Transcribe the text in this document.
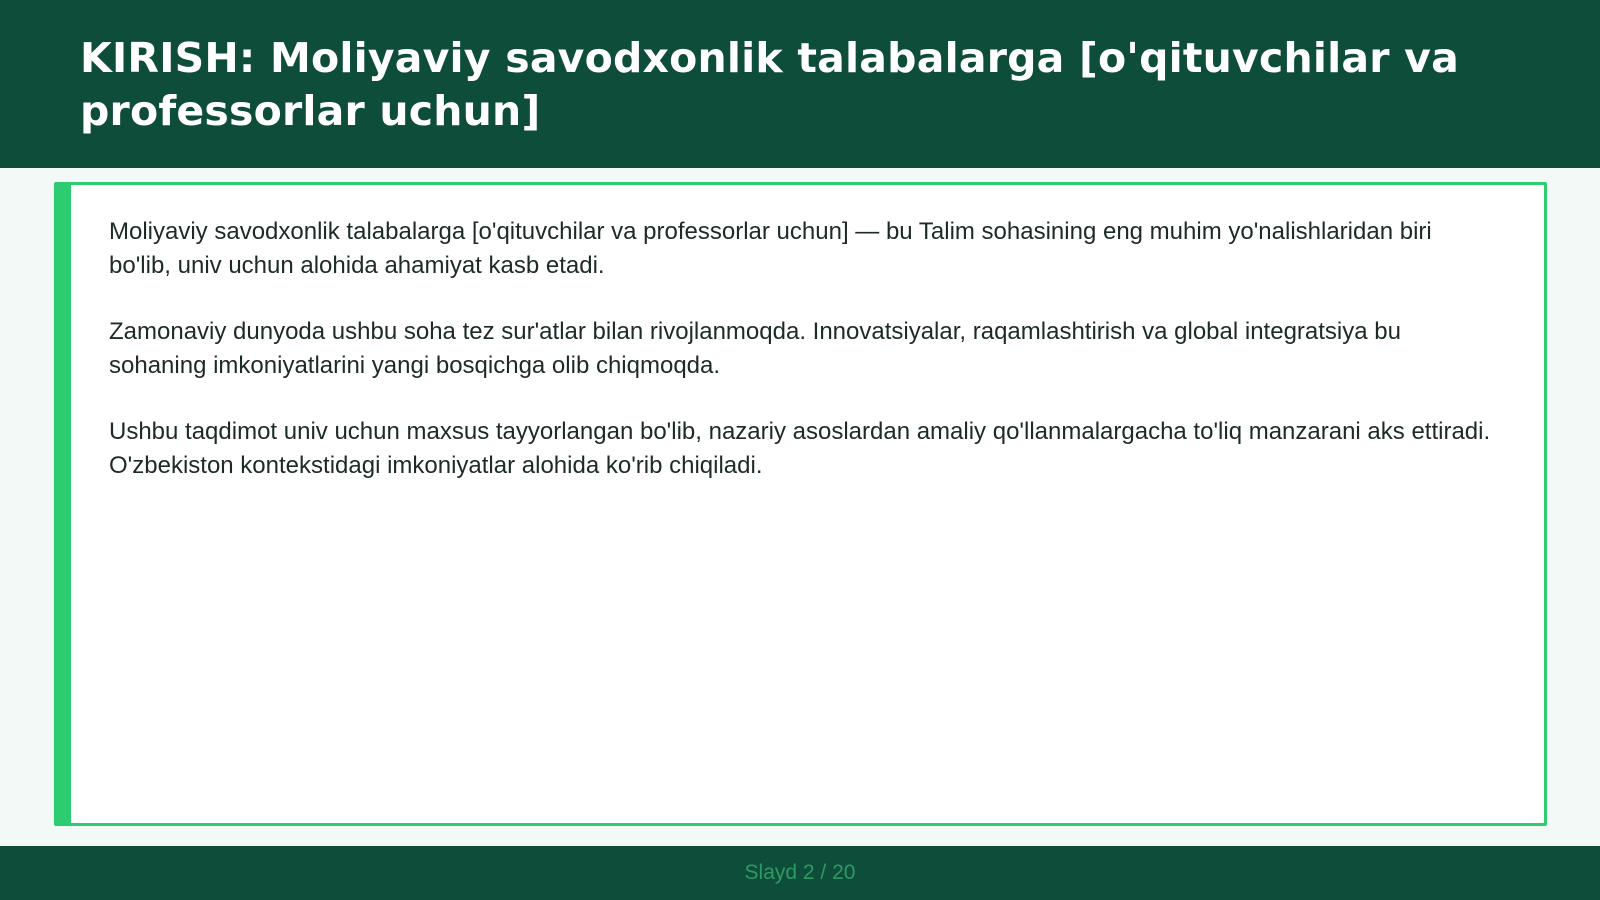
KIRISH: Moliyaviy savodxonlik talabalarga [o'qituvchilar va professorlar uchun]

Moliyaviy savodxonlik talabalarga [o'qituvchilar va professorlar uchun] — bu Talim sohasining eng muhim yo'nalishlaridan biri bo'lib, univ uchun alohida ahamiyat kasb etadi.

Zamonaviy dunyoda ushbu soha tez sur'atlar bilan rivojlanmoqda. Innovatsiyalar, raqamlashtirish va global integratsiya bu sohaning imkoniyatlarini yangi bosqichga olib chiqmoqda.

Ushbu taqdimot univ uchun maxsus tayyorlangan bo'lib, nazariy asoslardan amaliy qo'llanmalargacha to'liq manzarani aks ettiradi. O'zbekiston kontekstidagi imkoniyatlar alohida ko'rib chiqiladi.

Slayd 2 / 20
